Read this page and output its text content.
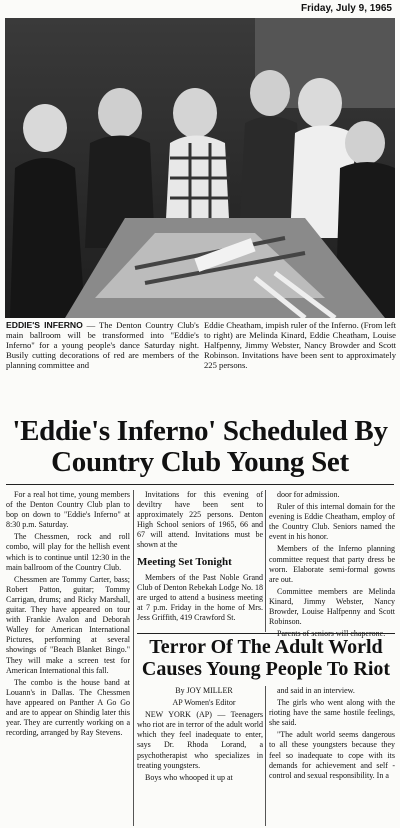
Friday, July 9, 1965
EDDIE'S INFERNO — The Denton Country Club's main ballroom will be transformed into "Eddie's Inferno" for a young people's dance Saturday night. Busily cutting decorations of red are members of the planning committee and
Eddie Cheatham, impish ruler of the Inferno. (From left to right) are Melinda Kinard, Eddie Cheatham, Louise Halfpenny, Jimmy Webster, Nancy Browder and Scott Robinson. Invitations have been sent to approximately 225 persons.
'Eddie's Inferno' Scheduled By Country Club Young Set

For a real hot time, young members of the Denton Country Club plan to bop on down to "Eddie's Inferno" at 8:30 p.m. Saturday.

The Chessmen, rock and roll combo, will play for the hellish event which is to continue until 12:30 in the main ballroom of the Country Club.

Chessmen are Tommy Carter, bass; Robert Patton, guitar; Tommy Carrigan, drums; and Ricky Marshall, guitar. They have appeared on tour with Frankie Avalon and Deborah Walley for American International Pictures, performing at several showings of "Beach Blanket Bingo." They will make a screen test for American International this fall.

The combo is the house band at Louann's in Dallas. The Chessmen have appeared on Panther A Go Go and are to appear on Shindig later this year. They are currently working on a recording, arranged by Ray Stevens.

Invitations for this evening of deviltry have been sent to approximately 225 persons. Denton High School seniors of 1965, 66 and 67 will attend. Invitations must be shown at the

Meeting Set Tonight

Members of the Past Noble Grand Club of Denton Rebekah Lodge No. 18 are urged to attend a business meeting at 7 p.m. Friday in the home of Mrs. Jess Griffith, 419 Crawford St.

door for admission.

Ruler of this internal domain for the evening is Eddie Cheatham, employ of the Country Club. Seniors named the event in his honor.

Members of the Inferno planning committee request that party dress be worn. Elaborate semi-formal gowns are out.

Committee members are Melinda Kinard, Jimmy Webster, Nancy Browder, Louise Halfpenny and Scott Robinson.

Terror Of The Adult World Causes Young People To Riot

By JOY MILLER

AP Women's Editor

NEW YORK (AP) — Teenagers who riot are in terror of the adult world which they feel inadequate to enter, says Dr. Rhoda Lorand, a psychotherapist who specializes in treating youngsters.

Boys who whooped it up at

and said in an interview.

The girls who went along with the rioting have the same hostile feelings, she said.

"The adult world seems dangerous to all these youngsters because they feel so inadequate to cope with its demands for achievement and self - control and sexual responsibility. In a
